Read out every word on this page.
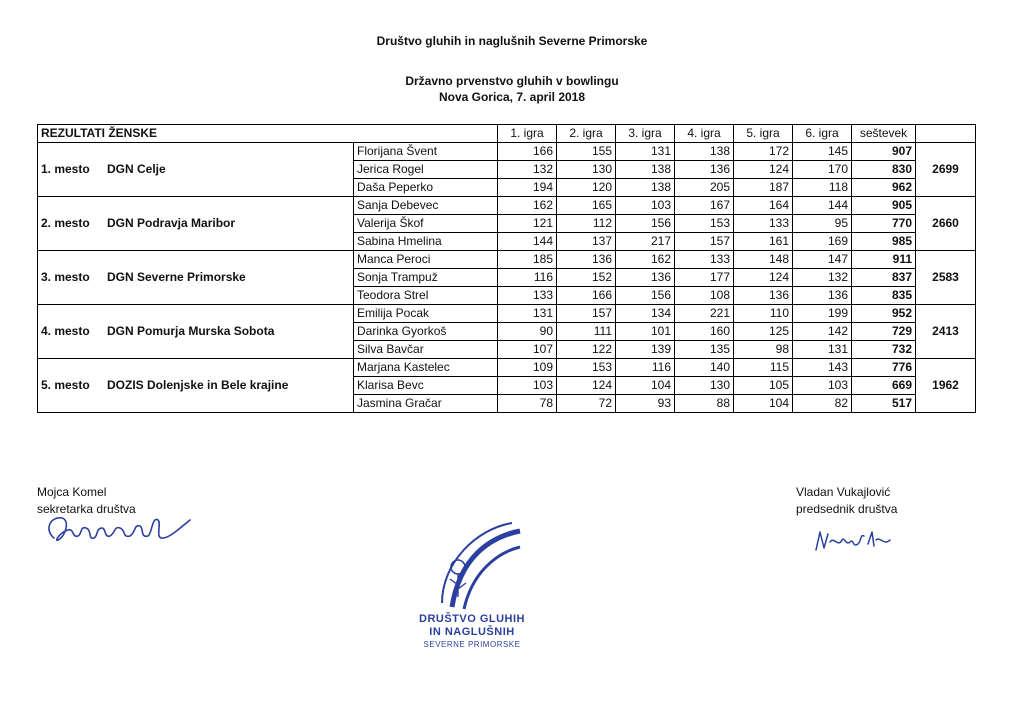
Društvo gluhih in naglušnih Severne Primorske
Državno prvenstvo gluhih v bowlingu
Nova Gorica, 7. april 2018
REZULTATI ŽENSKE		1. igra	2. igra	3. igra	4. igra	5. igra	6. igra	seštevek	
1. mesto DGN Celje	Florijana Švent	166	155	131	138	172	145	907	2699
	Jerica Rogel	132	130	138	136	124	170	830	
	Daša Peperko	194	120	138	205	187	118	962	
2. mesto DGN Podravja Maribor	Sanja Debevec	162	165	103	167	164	144	905	2660
	Valerija Škof	121	112	156	153	133	95	770	
	Sabina Hmelina	144	137	217	157	161	169	985	
3. mesto DGN Severne Primorske	Manca Peroci	185	136	162	133	148	147	911	2583
	Sonja Trampuž	116	152	136	177	124	132	837	
	Teodora Strel	133	166	156	108	136	136	835	
4. mesto DGN Pomurja Murska Sobota	Emilija Pocak	131	157	134	221	110	199	952	2413
	Darinka Gyorkoš	90	111	101	160	125	142	729	
	Silva Bavčar	107	122	139	135	98	131	732	
5. mesto DOZIS Dolenjske in Bele krajine	Marjana Kastelec	109	153	116	140	115	143	776	1962
	Klarisa Bevc	103	124	104	130	105	103	669	
	Jasmina Gračar	78	72	93	88	104	82	517	
Mojca Komel
sekretarka društva
Vladan Vukajlović
predsednik društva
DRUŠTVO GLUHIH
IN NAGLUŠNIH
SEVERNE PRIMORSKE
